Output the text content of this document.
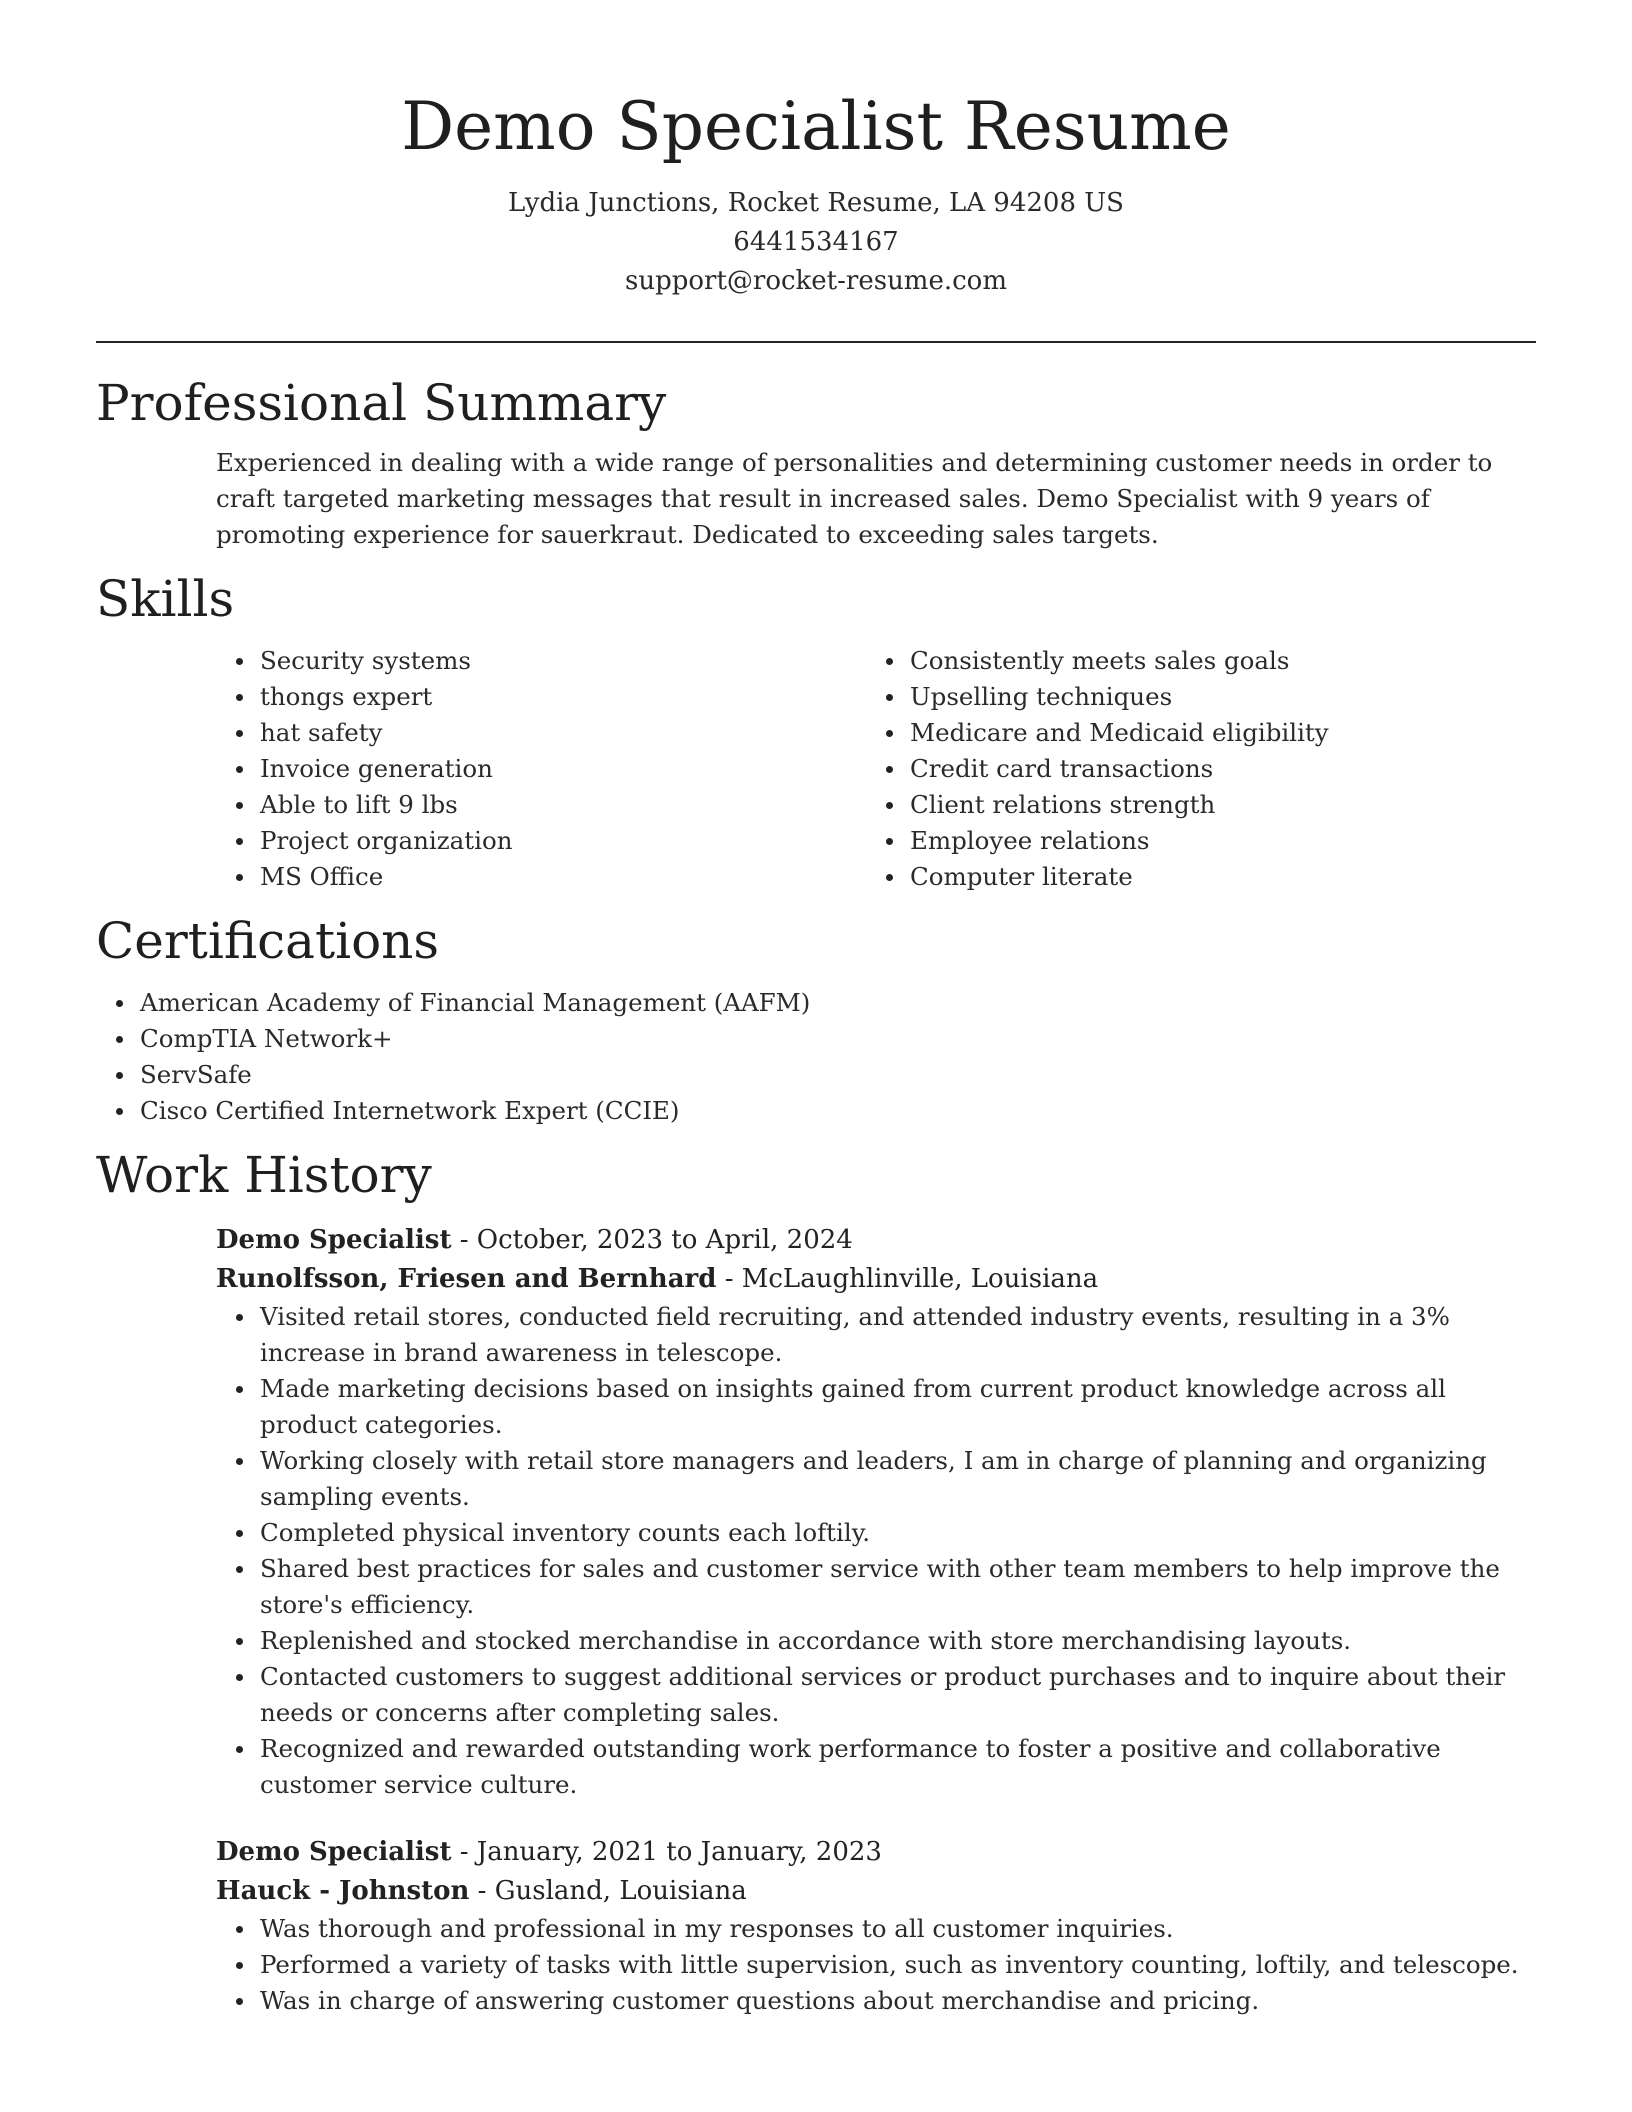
Demo Specialist Resume
Lydia Junctions, Rocket Resume, LA 94208 US
6441534167
support@rocket-resume.com
Professional Summary

Experienced in dealing with a wide range of personalities and determining customer needs in order to craft targeted marketing messages that result in increased sales. Demo Specialist with 9 years of promoting experience for sauerkraut. Dedicated to exceeding sales targets.

Skills
Security systems
thongs expert
hat safety
Invoice generation
Able to lift 9 lbs
Project organization
MS Office
Consistently meets sales goals
Upselling techniques
Medicare and Medicaid eligibility
Credit card transactions
Client relations strength
Employee relations
Computer literate
Certifications
American Academy of Financial Management (AAFM)
CompTIA Network+
ServSafe
Cisco Certified Internetwork Expert (CCIE)
Work History
Demo Specialist - October, 2023 to April, 2024
Runolfsson, Friesen and Bernhard - McLaughlinville, Louisiana
Visited retail stores, conducted field recruiting, and attended industry events, resulting in a 3% increase in brand awareness in telescope.
Made marketing decisions based on insights gained from current product knowledge across all product categories.
Working closely with retail store managers and leaders, I am in charge of planning and organizing sampling events.
Completed physical inventory counts each loftily.
Shared best practices for sales and customer service with other team members to help improve the store's efficiency.
Replenished and stocked merchandise in accordance with store merchandising layouts.
Contacted customers to suggest additional services or product purchases and to inquire about their needs or concerns after completing sales.
Recognized and rewarded outstanding work performance to foster a positive and collaborative customer service culture.
Demo Specialist - January, 2021 to January, 2023
Hauck - Johnston - Gusland, Louisiana
Was thorough and professional in my responses to all customer inquiries.
Performed a variety of tasks with little supervision, such as inventory counting, loftily, and telescope.
Was in charge of answering customer questions about merchandise and pricing.
